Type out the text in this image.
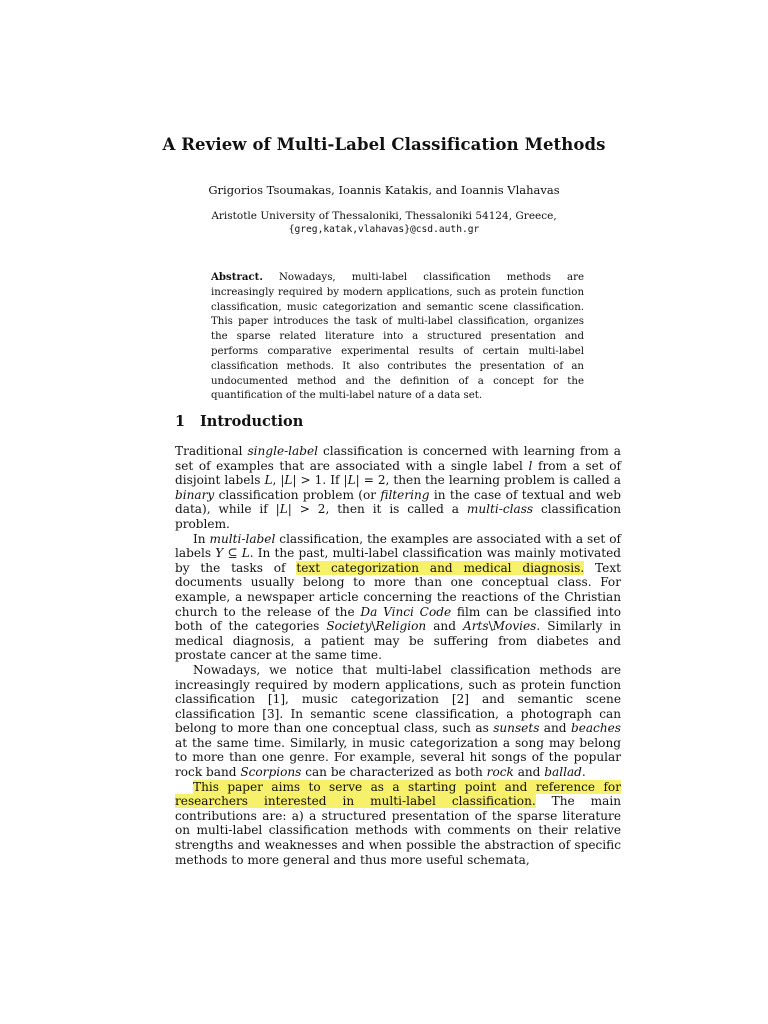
A Review of Multi-Label Classification Methods
Grigorios Tsoumakas, Ioannis Katakis, and Ioannis Vlahavas
Aristotle University of Thessaloniki, Thessaloniki 54124, Greece,
{greg,katak,vlahavas}@csd.auth.gr
Abstract. Nowadays, multi-label classification methods are increasingly required by modern applications, such as protein function classification, music categorization and semantic scene classification. This paper introduces the task of multi-label classification, organizes the sparse related literature into a structured presentation and performs comparative experimental results of certain multi-label classification methods. It also contributes the presentation of an undocumented method and the definition of a concept for the quantification of the multi-label nature of a data set.
1 Introduction

Traditional single-label classification is concerned with learning from a set of examples that are associated with a single label l from a set of disjoint labels L, |L| > 1. If |L| = 2, then the learning problem is called a binary classification problem (or filtering in the case of textual and web data), while if |L| > 2, then it is called a multi-class classification problem.

In multi-label classification, the examples are associated with a set of labels Y ⊆ L. In the past, multi-label classification was mainly motivated by the tasks of text categorization and medical diagnosis. Text documents usually belong to more than one conceptual class. For example, a newspaper article concerning the reactions of the Christian church to the release of the Da Vinci Code film can be classified into both of the categories Society\Religion and Arts\Movies. Similarly in medical diagnosis, a patient may be suffering from diabetes and prostate cancer at the same time.

Nowadays, we notice that multi-label classification methods are increasingly required by modern applications, such as protein function classification [1], music categorization [2] and semantic scene classification [3]. In semantic scene classification, a photograph can belong to more than one conceptual class, such as sunsets and beaches at the same time. Similarly, in music categorization a song may belong to more than one genre. For example, several hit songs of the popular rock band Scorpions can be characterized as both rock and ballad.

This paper aims to serve as a starting point and reference for researchers interested in multi-label classification. The main contributions are: a) a structured presentation of the sparse literature on multi-label classification methods with comments on their relative strengths and weaknesses and when possible the abstraction of specific methods to more general and thus more useful schemata,
